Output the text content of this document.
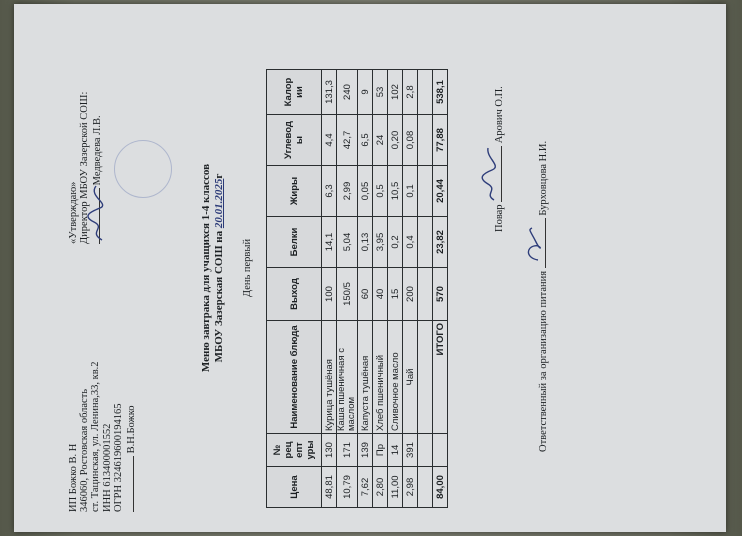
ИП Божко В. Н 346060, Ростовская область ст. Тацинская, ул. Ленина,33, кв.2 ИНН 613400001552 ОГРН 324619600194165 В.Н.Божко
«Утверждаю» Директор МБОУ Зазерской СОШ: Медведева Л.В.
Меню завтрака для учащихся 1-4 классов МБОУ Зазерская СОШ на 20.01.2025г
День первый
Цена	№ рец епт уры	Наименование блюда	Выход	Белки	Жиры	Углевод ы	Калор ии
48,81	130	Курица тушёная	100	14,1	6,3	4,4	131,3
10,79	171	Каша пшеничная с маслом	150/5	5,04	2,99	42,7	240
7,62	139	Капуста тушёная	60	0,13	0,05	6,5	9
2,80	Пр	Хлеб пшеничный	40	3,95	0,5	24	53
11,00	14	Сливочное масло	15	0,2	10,5	0,20	102
2,98	391	Чай	200	0,4	0,1	0,08	2,8

84,00		ИТОГО	570	23,82	20,44	77,88	538,1
Повар  Арович О.П.
Ответственный за организацию питания  Бурховцова Н.И.
